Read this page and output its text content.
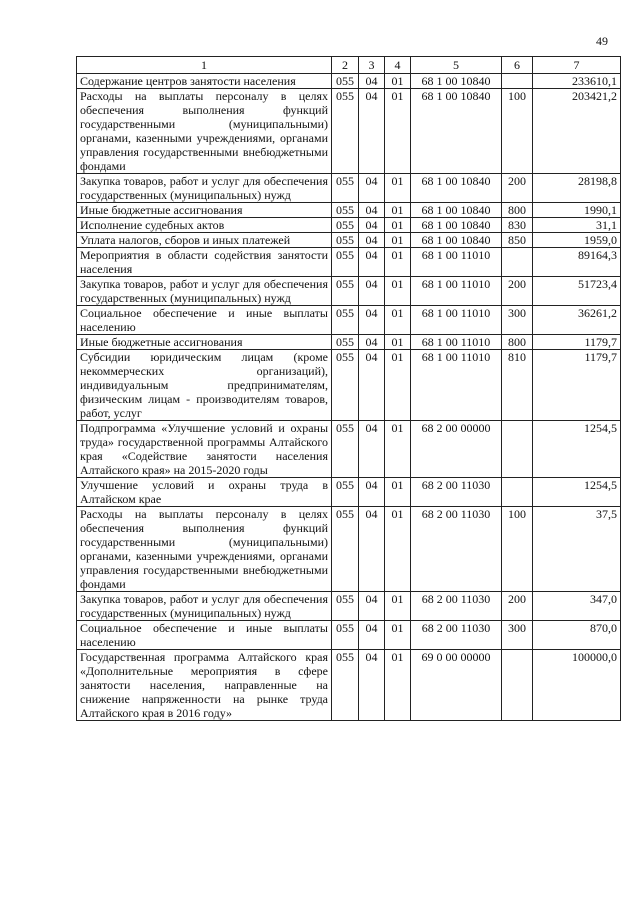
49
1	2	3	4	5	6	7
Содержание центров занятости населения	055	04	01	68 1 00 10840		233610,1
Расходы на выплаты персоналу в целях обеспечения выполнения функций государственными (муниципальными) органами, казенными учреждениями, органами управления государственными внебюджетными фондами	055	04	01	68 1 00 10840	100	203421,2
Закупка товаров, работ и услуг для обеспечения государственных (муниципальных) нужд	055	04	01	68 1 00 10840	200	28198,8
Иные бюджетные ассигнования	055	04	01	68 1 00 10840	800	1990,1
Исполнение судебных актов	055	04	01	68 1 00 10840	830	31,1
Уплата налогов, сборов и иных платежей	055	04	01	68 1 00 10840	850	1959,0
Мероприятия в области содействия занятости населения	055	04	01	68 1 00 11010		89164,3
Закупка товаров, работ и услуг для обеспечения государственных (муниципальных) нужд	055	04	01	68 1 00 11010	200	51723,4
Социальное обеспечение и иные выплаты населению	055	04	01	68 1 00 11010	300	36261,2
Иные бюджетные ассигнования	055	04	01	68 1 00 11010	800	1179,7
Субсидии юридическим лицам (кроме некоммерческих организаций), индивидуальным предпринимателям, физическим лицам - производителям товаров, работ, услуг	055	04	01	68 1 00 11010	810	1179,7
Подпрограмма «Улучшение условий и охраны труда» государственной программы Алтайского края «Содействие занятости населения Алтайского края» на 2015-2020 годы	055	04	01	68 2 00 00000		1254,5
Улучшение условий и охраны труда в Алтайском крае	055	04	01	68 2 00 11030		1254,5
Расходы на выплаты персоналу в целях обеспечения выполнения функций государственными (муниципальными) органами, казенными учреждениями, органами управления государственными внебюджетными фондами	055	04	01	68 2 00 11030	100	37,5
Закупка товаров, работ и услуг для обеспечения государственных (муниципальных) нужд	055	04	01	68 2 00 11030	200	347,0
Социальное обеспечение и иные выплаты населению	055	04	01	68 2 00 11030	300	870,0
Государственная программа Алтайского края «Дополнительные мероприятия в сфере занятости населения, направленные на снижение напряженности на рынке труда Алтайского края в 2016 году»	055	04	01	69 0 00 00000		100000,0
